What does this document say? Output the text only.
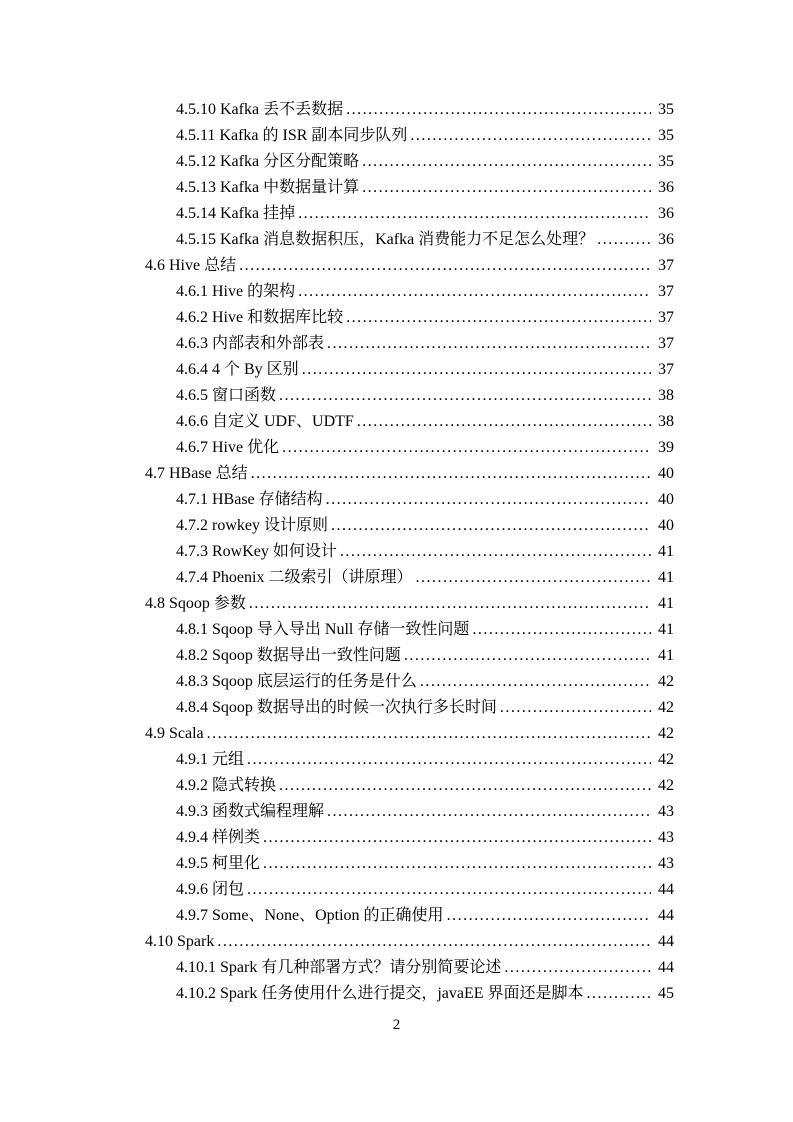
4.5.10 Kafka 丢不丢数据 .....	35
4.5.11 Kafka 的 ISR 副本同步队列 .....	35
4.5.12 Kafka 分区分配策略 .....	35
4.5.13 Kafka 中数据量计算 .....	36
4.5.14 Kafka 挂掉 .....	36
4.5.15 Kafka 消息数据积压，Kafka 消费能力不足怎么处理？ .....	36
4.6 Hive 总结 .....	37
4.6.1 Hive 的架构 .....	37
4.6.2 Hive 和数据库比较 .....	37
4.6.3 内部表和外部表 .....	37
4.6.4 4 个 By 区别 .....	37
4.6.5 窗口函数 .....	38
4.6.6 自定义 UDF、UDTF .....	38
4.6.7 Hive 优化 .....	39
4.7 HBase 总结 .....	40
4.7.1 HBase 存储结构 .....	40
4.7.2 rowkey 设计原则 .....	40
4.7.3 RowKey 如何设计 .....	41
4.7.4 Phoenix 二级索引（讲原理） .....	41
4.8 Sqoop 参数 .....	41
4.8.1 Sqoop 导入导出 Null 存储一致性问题 .....	41
4.8.2 Sqoop 数据导出一致性问题 .....	41
4.8.3 Sqoop 底层运行的任务是什么 .....	42
4.8.4 Sqoop 数据导出的时候一次执行多长时间 .....	42
4.9 Scala .....	42
4.9.1 元组 .....	42
4.9.2 隐式转换 .....	42
4.9.3 函数式编程理解 .....	43
4.9.4 样例类 .....	43
4.9.5 柯里化 .....	43
4.9.6 闭包 .....	44
4.9.7 Some、None、Option 的正确使用 .....	44
4.10 Spark .....	44
4.10.1 Spark 有几种部署方式？请分别简要论述 .....	44
4.10.2 Spark 任务使用什么进行提交，javaEE 界面还是脚本 .....	45
2
